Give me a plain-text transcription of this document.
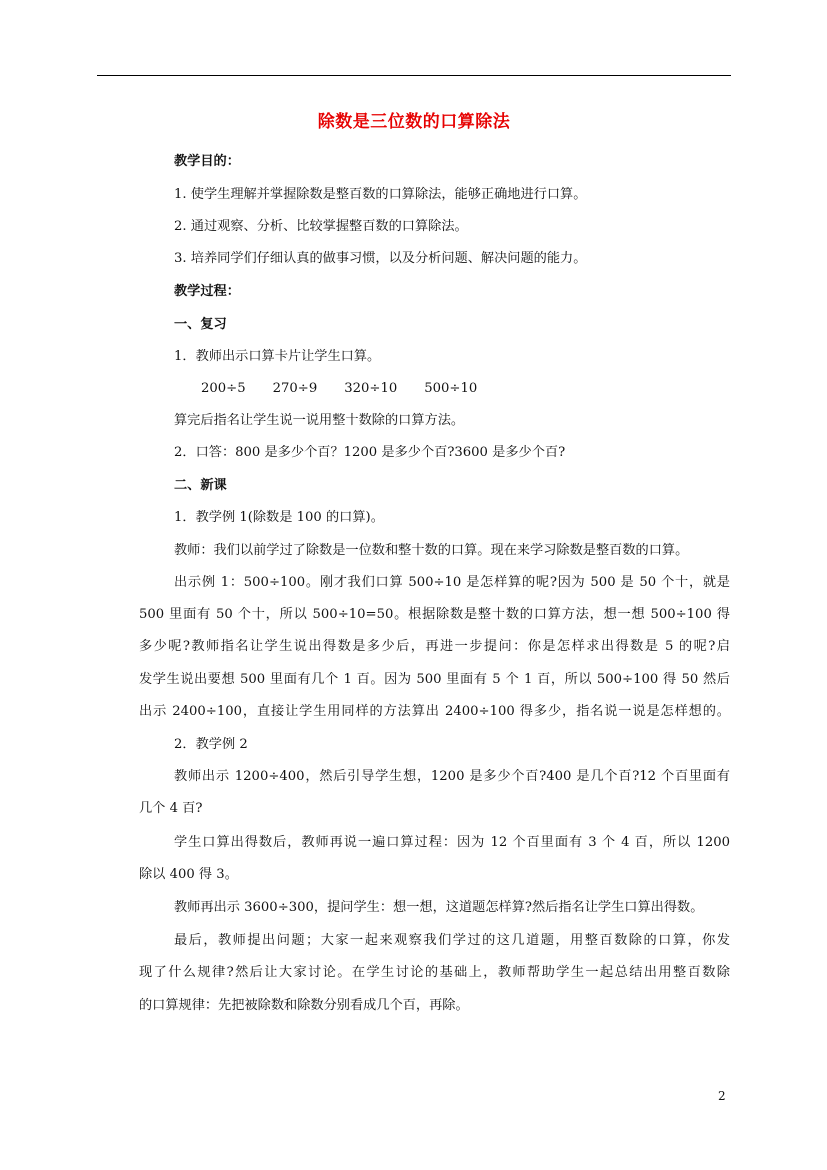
除数是三位数的口算除法
教学目的：
1. 使学生理解并掌握除数是整百数的口算除法，能够正确地进行口算。
2. 通过观察、分析、比较掌握整百数的口算除法。
3. 培养同学们仔细认真的做事习惯，以及分析问题、解决问题的能力。
教学过程：
一、复习
1．教师出示口算卡片让学生口算。
200÷5 270÷9 320÷10 500÷10
算完后指名让学生说一说用整十数除的口算方法。
2．口答：800 是多少个百？1200 是多少个百?3600 是多少个百?
二、新课
1．教学例 1(除数是 100 的口算)。
教师：我们以前学过了除数是一位数和整十数的口算。现在来学习除数是整百数的口算。
出示例 1：500÷100。刚才我们口算 500÷10 是怎样算的呢?因为 500 是 50 个十，就是
500 里面有 50 个十，所以 500÷10=50。根据除数是整十数的口算方法，想一想 500÷100 得
多少呢?教师指名让学生说出得数是多少后，再进一步提问：你是怎样求出得数是 5 的呢?启
发学生说出要想 500 里面有几个 1 百。因为 500 里面有 5 个 1 百，所以 500÷100 得 50 然后
出示 2400÷100，直接让学生用同样的方法算出 2400÷100 得多少，指名说一说是怎样想的。
2．教学例 2
教师出示 1200÷400，然后引导学生想，1200 是多少个百?400 是几个百?12 个百里面有
几个 4 百?
学生口算出得数后，教师再说一遍口算过程：因为 12 个百里面有 3 个 4 百，所以 1200
除以 400 得 3。
教师再出示 3600÷300，提问学生：想一想，这道题怎样算?然后指名让学生口算出得数。
最后，教师提出问题；大家一起来观察我们学过的这几道题，用整百数除的口算，你发
现了什么规律?然后让大家讨论。在学生讨论的基础上，教师帮助学生一起总结出用整百数除
的口算规律：先把被除数和除数分别看成几个百，再除。
2
